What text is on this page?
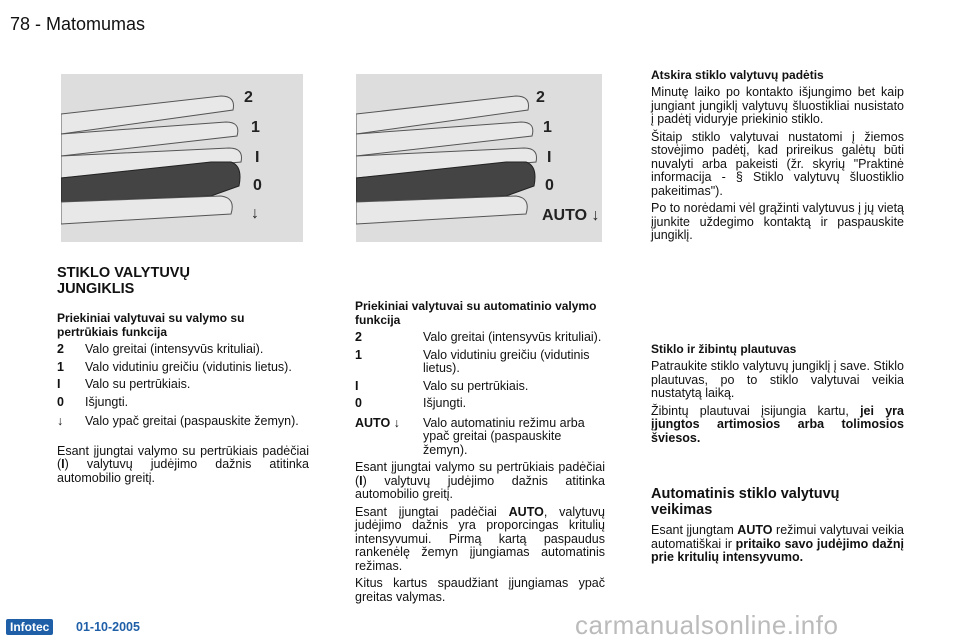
78 - Matomumas
2
1
I
0
↓
2
1
I
0
AUTO ↓
STIKLO VALYTUVŲ
JUNGIKLIS
Priekiniai valytuvai su valymo su pertrūkiais funkcija
2	Valo greitai (intensyvūs krituliai).
1	Valo vidutiniu greičiu (vidutinis lietus).
I	Valo su pertrūkiais.
0	Išjungti.
↓	Valo ypač greitai (paspauskite žemyn).

Esant įjungtai valymo su pertrūkiais padėčiai (I) valytuvų judėjimo dažnis atitinka automobilio greitį.

Priekiniai valytuvai su automatinio valymo funkcija
2	Valo greitai (intensyvūs krituliai).
1	Valo vidutiniu greičiu (vidutinis lietus).
I	Valo su pertrūkiais.
0	Išjungti.
AUTO ↓	Valo automatiniu režimu arba ypač greitai (paspauskite žemyn).

Esant įjungtai valymo su pertrūkiais padėčiai (I) valytuvų judėjimo dažnis atitinka automobilio greitį.

Esant įjungtai padėčiai AUTO, valytuvų judėjimo dažnis yra proporcingas kritulių intensyvumui. Pirmą kartą paspaudus rankenėlę žemyn įjungiamas automatinis režimas.

Kitus kartus spaudžiant įjungiamas ypač greitas valymas.

Atskira stiklo valytuvų padėtis

Minutę laiko po kontakto išjungimo bet kaip jungiant jungiklį valytuvų šluostikliai nusistato į padėtį viduryje priekinio stiklo.

Šitaip stiklo valytuvai nustatomi į žiemos stovėjimo padėtį, kad prireikus galėtų būti nuvalyti arba pakeisti (žr. skyrių "Praktinė informacija - § Stiklo valytuvų šluostiklio pakeitimas").

Po to norėdami vėl grąžinti valytuvus į jų vietą įjunkite uždegimo kontaktą ir paspauskite jungiklį.

Stiklo ir žibintų plautuvas

Patraukite stiklo valytuvų jungiklį į save. Stiklo plautuvas, po to stiklo valytuvai veikia nustatytą laiką.

Žibintų plautuvai įsijungia kartu, jei yra įjungtos artimosios arba tolimosios šviesos.

Automatinis stiklo valytuvų veikimas

Esant įjungtam AUTO režimui valytuvai veikia automatiškai ir pritaiko savo judėjimo dažnį prie kritulių intensyvumo.

Infotec	01-10-2005	carmanualsonline.info
